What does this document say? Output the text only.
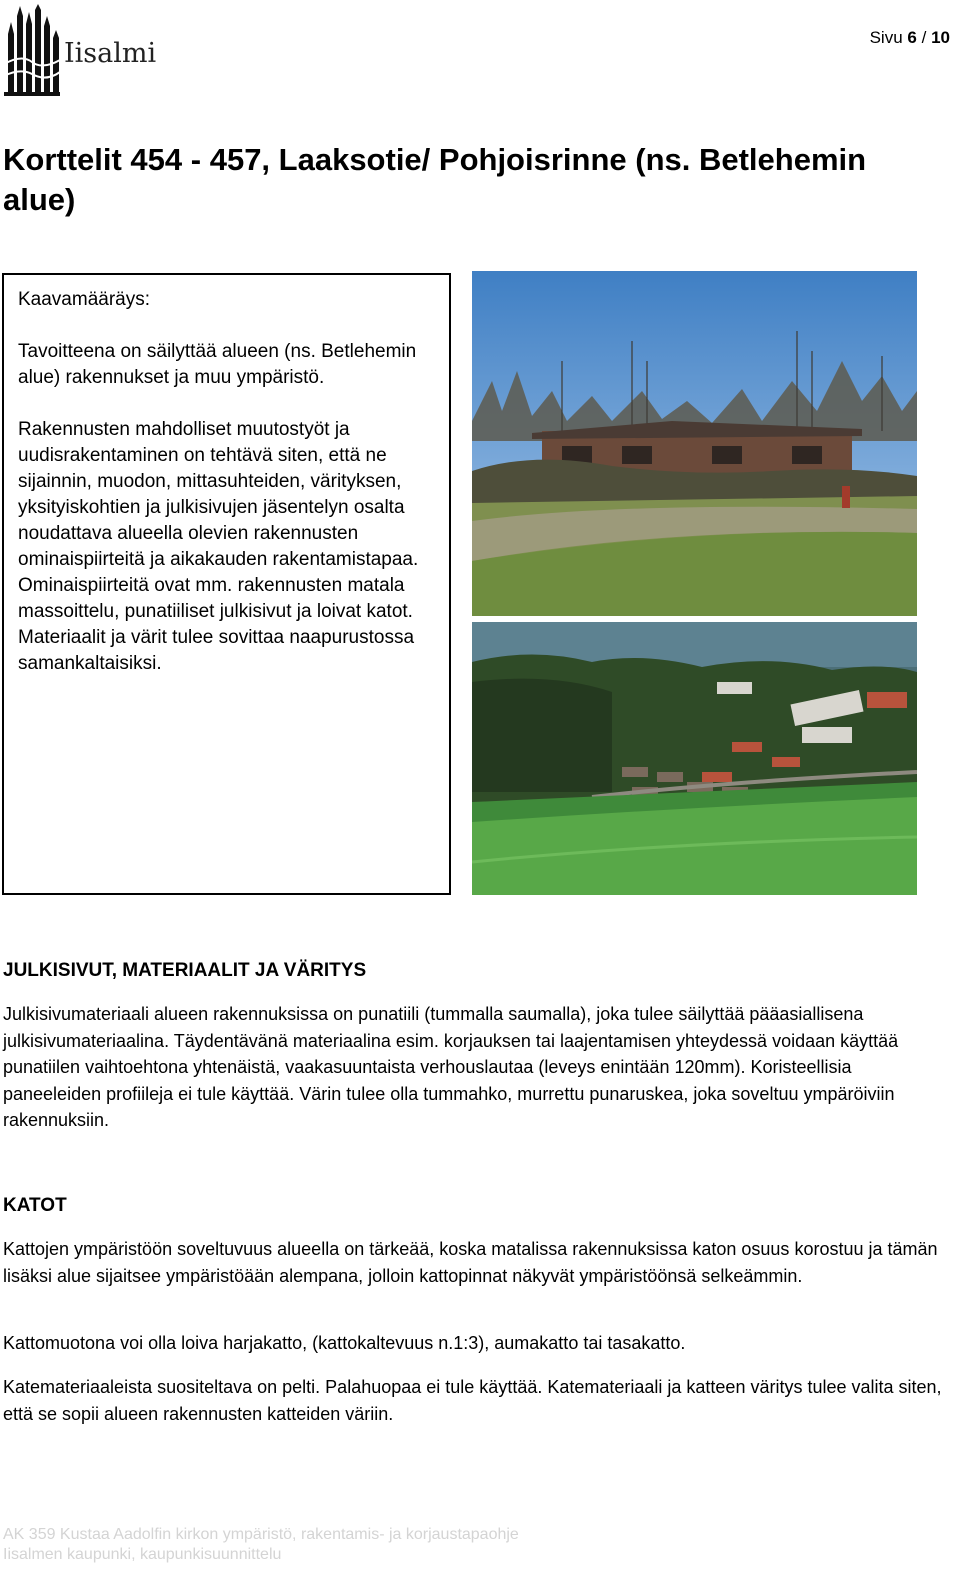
Iisalmi
Sivu 6 / 10
Korttelit 454 - 457, Laaksotie/ Pohjoisrinne (ns. Betlehemin alue)

Kaavamääräys:

Tavoitteena on säilyttää alueen (ns. Betlehemin alue) rakennukset ja muu ympäristö.

Rakennusten mahdolliset muutostyöt ja uudisrakentaminen on tehtävä siten, että ne sijainnin, muodon, mittasuhteiden, värityksen, yksityiskohtien ja julkisivujen jäsentelyn osalta noudattava alueella olevien rakennusten ominaispiirteitä ja aikakauden rakentamistapaa. Ominaispiirteitä ovat mm. rakennusten matala massoittelu, punatiiliset julkisivut ja loivat katot. Materiaalit ja värit tulee sovittaa naapurustossa samankaltaisiksi.

JULKISIVUT, MATERIAALIT JA VÄRITYS

Julkisivumateriaali alueen rakennuksissa on punatiili (tummalla saumalla), joka tulee säilyttää pääasiallisena julkisivumateriaalina. Täydentävänä materiaalina esim. korjauksen tai laajentamisen yhteydessä voidaan käyttää punatiilen vaihtoehtona yhtenäistä, vaakasuuntaista verhouslautaa (leveys enintään 120mm). Koristeellisia paneeleiden profiileja ei tule käyttää. Värin tulee olla tummahko, murrettu punaruskea, joka soveltuu ympäröiviin rakennuksiin.

KATOT

Kattojen ympäristöön soveltuvuus alueella on tärkeää, koska matalissa rakennuksissa katon osuus korostuu ja tämän lisäksi alue sijaitsee ympäristöään alempana, jolloin kattopinnat näkyvät ympäristöönsä selkeämmin.

Kattomuotona voi olla loiva harjakatto, (kattokaltevuus n.1:3), aumakatto tai tasakatto.

Katemateriaaleista suositeltava on pelti. Palahuopaa ei tule käyttää. Katemateriaali ja katteen väritys tulee valita siten, että se sopii alueen rakennusten katteiden väriin.

AK 359 Kustaa Aadolfin kirkon ympäristö, rakentamis- ja korjaustapaohje
Iisalmen kaupunki, kaupunkisuunnittelu
